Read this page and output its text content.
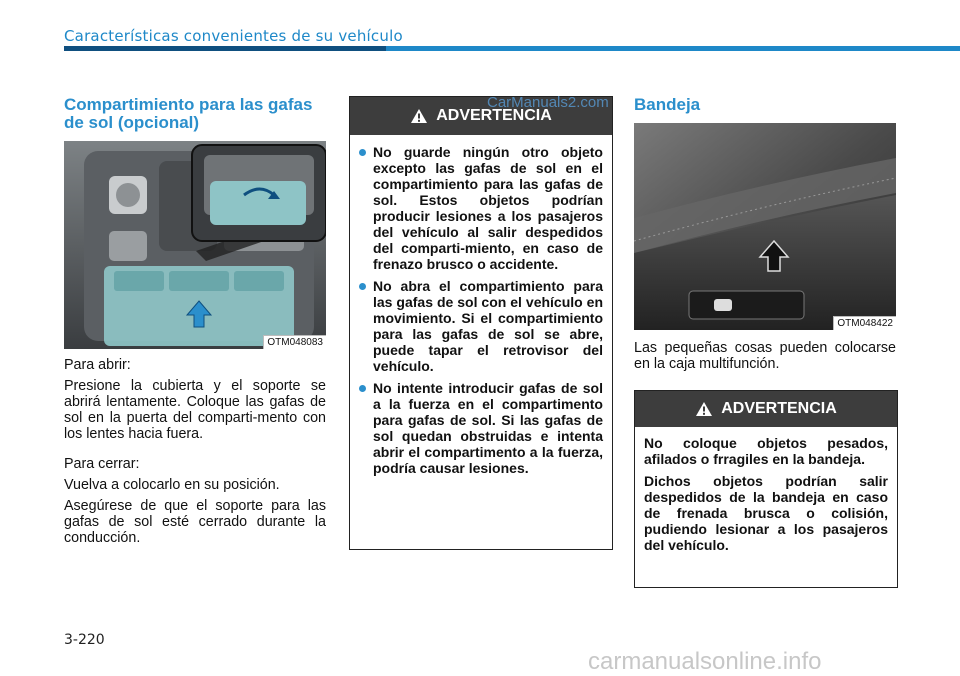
Características convenientes de su vehículo
Compartimiento para las gafas de sol (opcional)
OTM048083

Para abrir:

Presione la cubierta y el soporte se abrirá lentamente. Coloque las gafas de sol en la puerta del comparti-mento con los lentes hacia fuera.

Para cerrar:

Vuelva a colocarlo en su posición.

Asegúrese de que el soporte para las gafas de sol esté cerrado durante la conducción.

ADVERTENCIA
No guarde ningún otro objeto excepto las gafas de sol en el compartimiento para las gafas de sol. Estos objetos podrían producir lesiones a los pasajeros del vehículo al salir despedidos del comparti-miento, en caso de frenazo brusco o accidente.
No abra el compartimiento para las gafas de sol con el vehículo en movimiento. Si el compartimiento para las gafas de sol se abre, puede tapar el retrovisor del vehículo.
No intente introducir gafas de sol a la fuerza en el compartimento para gafas de sol. Si las gafas de sol quedan obstruidas e intenta abrir el compartimento a la fuerza, podría causar lesiones.
CarManuals2.com Bandeja
OTM048422
Las pequeñas cosas pueden colocarse en la caja multifunción.
ADVERTENCIA

No coloque objetos pesados, afilados o frragiles en la bandeja.

Dichos objetos podrían salir despedidos de la bandeja en caso de frenada brusca o colisión, pudiendo lesionar a los pasajeros del vehículo.

3-220
carmanualsonline.info
